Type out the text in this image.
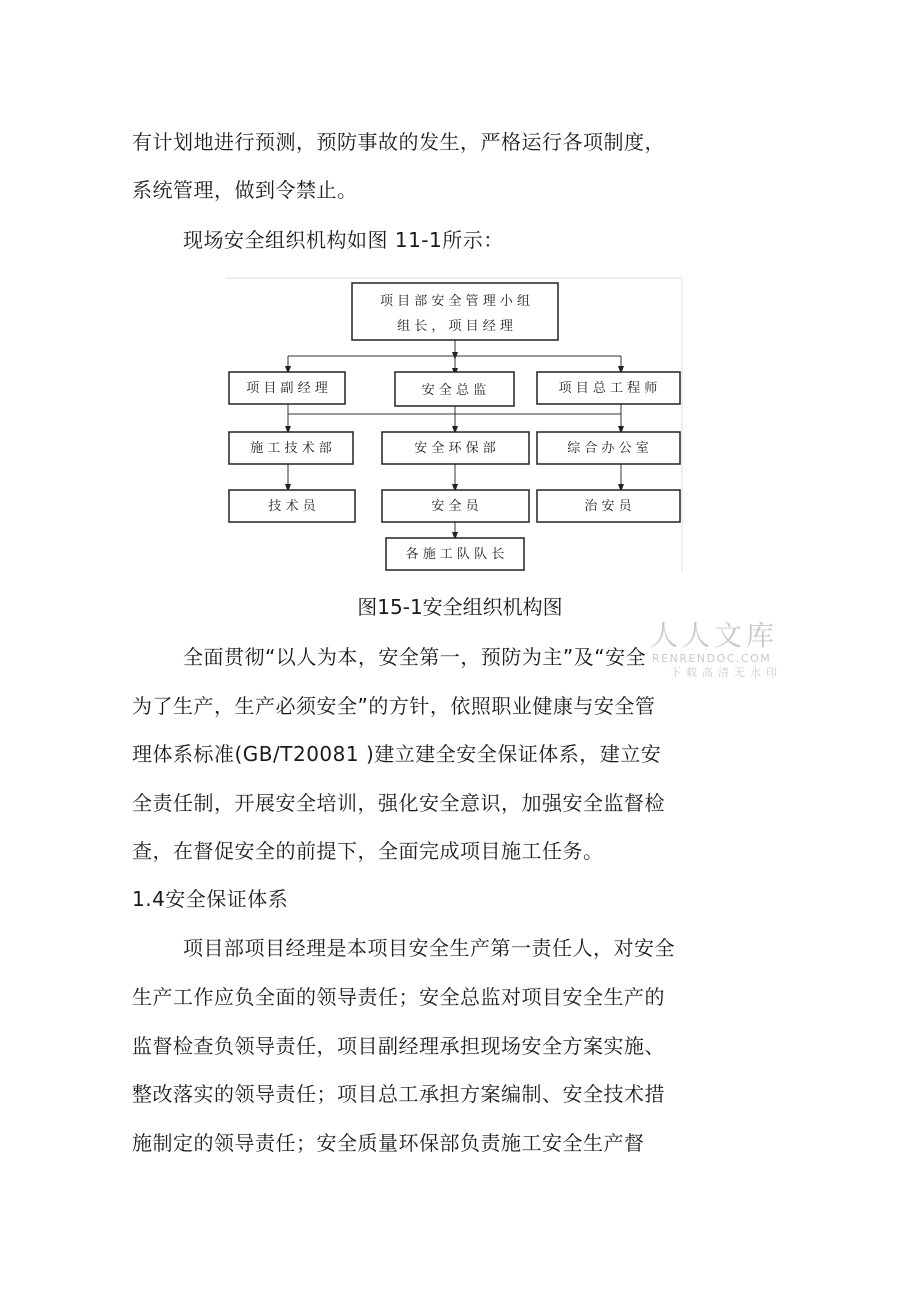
有计划地进行预测，预防事故的发生，严格运行各项制度，
系统管理，做到令禁止。
现场安全组织机构如图 11-1所示：
项 目 部 安 全 管 理 小 组
组 长 ， 项 目 经 理
项 目 副 经 理	安 全 总 监	项 目 总 工 程 师
施 工 技 术 部	安 全 环 保 部	综 合 办 公 室
技 术 员	安 全 员	治 安 员
各 施 工 队 队 长
图15-1安全组织机构图
全面贯彻“以人为本，安全第一，预防为主”及“安全
为了生产，生产必须安全”的方针，依照职业健康与安全管
理体系标准(GB/T20081 )建立建全安全保证体系，建立安
全责任制，开展安全培训，强化安全意识，加强安全监督检
查，在督促安全的前提下，全面完成项目施工任务。
1.4安全保证体系
项目部项目经理是本项目安全生产第一责任人，对安全
生产工作应负全面的领导责任；安全总监对项目安全生产的
监督检查负领导责任，项目副经理承担现场安全方案实施、
整改落实的领导责任；项目总工承担方案编制、安全技术措
施制定的领导责任；安全质量环保部负责施工安全生产督
人人文库
RENRENDOC.COM
下载高清无水印
